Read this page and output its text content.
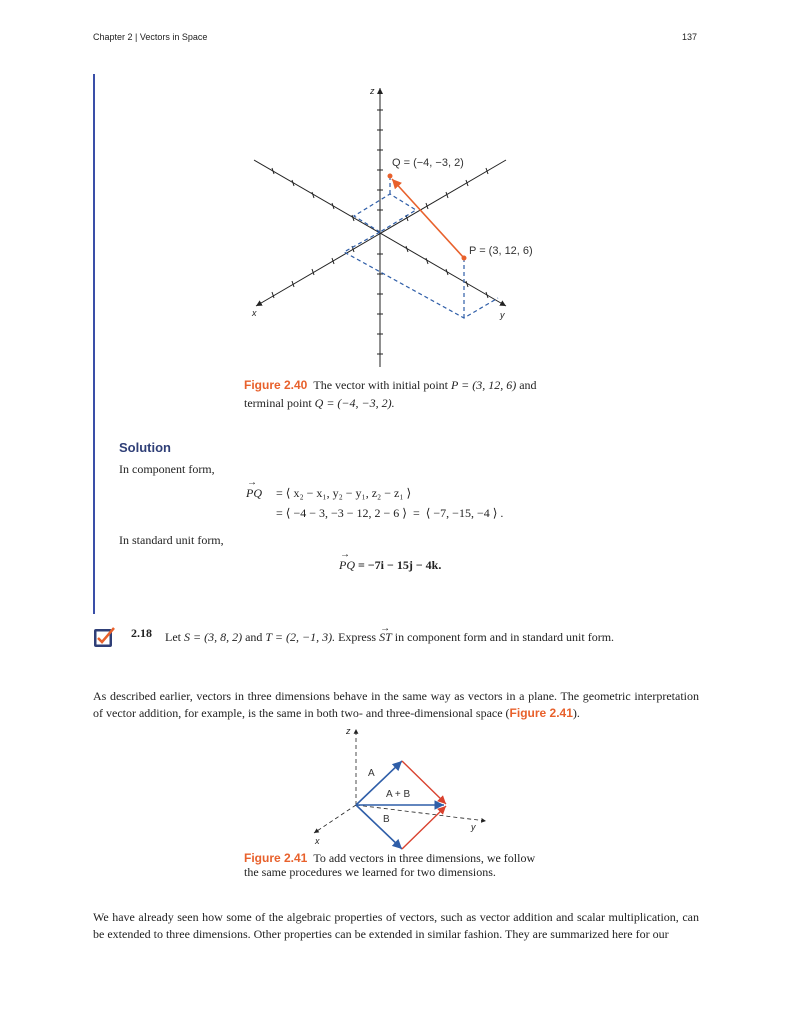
Chapter 2 | Vectors in Space	137
z
x	y
Q = (−4, −3, 2)
P = (3, 12, 6)
Figure 2.40 The vector with initial point P = (3, 12, 6) and
terminal point Q = (−4, −3, 2).
Solution
In component form,
→ PQ = ⟨ x₂ − x₁, y₂ − y₁, z₂ − z₁ ⟩
= ⟨ −4 − 3, −3 − 12, 2 − 6 ⟩  =  ⟨ −7, −15, −4 ⟩ .
In standard unit form,
→ PQ = −7i − 15j − 4k.
2.18 Let S = (3, 8, 2) and T = (2, −1, 3). Express → ST in component form and in standard unit form.
As described earlier, vectors in three dimensions behave in the same way as vectors in a plane. The geometric interpretation of vector addition, for example, is the same in both two- and three-dimensional space (Figure 2.41).
z
x
y
A
A + B
B
Figure 2.41 To add vectors in three dimensions, we follow
the same procedures we learned for two dimensions.
We have already seen how some of the algebraic properties of vectors, such as vector addition and scalar multiplication, can be extended to three dimensions. Other properties can be extended in similar fashion. They are summarized here for our
